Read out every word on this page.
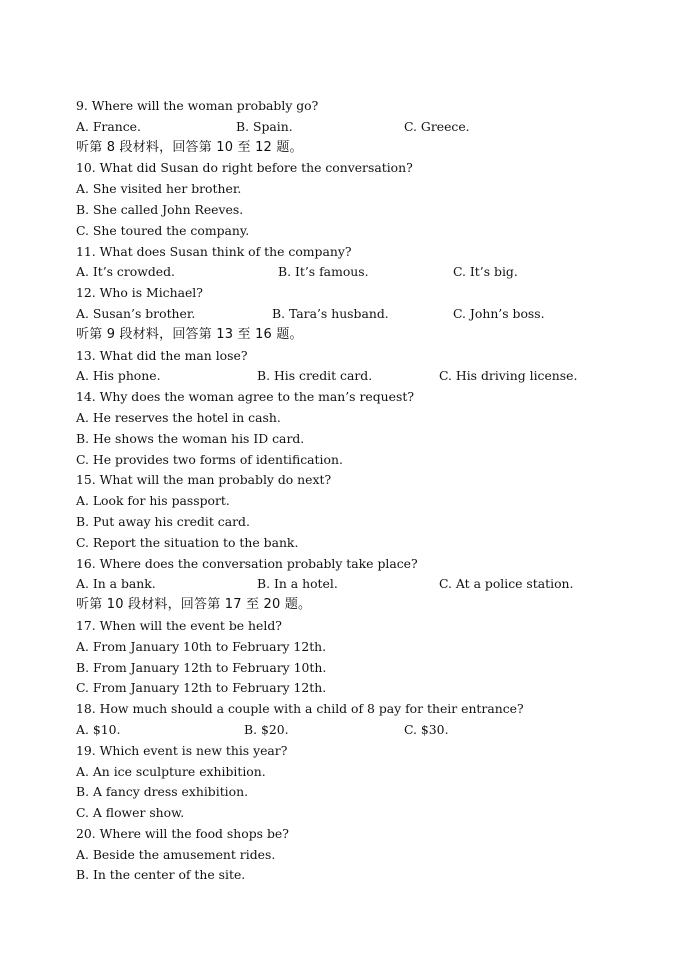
9. Where will the woman probably go?
A. France.	B. Spain.	C. Greece.
听第 8 段材料，回答第 10 至 12 题。
10. What did Susan do right before the conversation?
A. She visited her brother.
B. She called John Reeves.
C. She toured the company.
11. What does Susan think of the company?
A. It’s crowded.	B. It’s famous.	C. It’s big.
12. Who is Michael?
A. Susan’s brother.	B. Tara’s husband.	C. John’s boss.
听第 9 段材料，回答第 13 至 16 题。
13. What did the man lose?
A. His phone.	B. His credit card.	C. His driving license.
14. Why does the woman agree to the man’s request?
A. He reserves the hotel in cash.
B. He shows the woman his ID card.
C. He provides two forms of identification.
15. What will the man probably do next?
A. Look for his passport.
B. Put away his credit card.
C. Report the situation to the bank.
16. Where does the conversation probably take place?
A. In a bank.	B. In a hotel.	C. At a police station.
听第 10 段材料，回答第 17 至 20 题。
17. When will the event be held?
A. From January 10th to February 12th.
B. From January 12th to February 10th.
C. From January 12th to February 12th.
18. How much should a couple with a child of 8 pay for their entrance?
A. $10.	B. $20.	C. $30.
19. Which event is new this year?
A. An ice sculpture exhibition.
B. A fancy dress exhibition.
C. A flower show.
20. Where will the food shops be?
A. Beside the amusement rides.
B. In the center of the site.
